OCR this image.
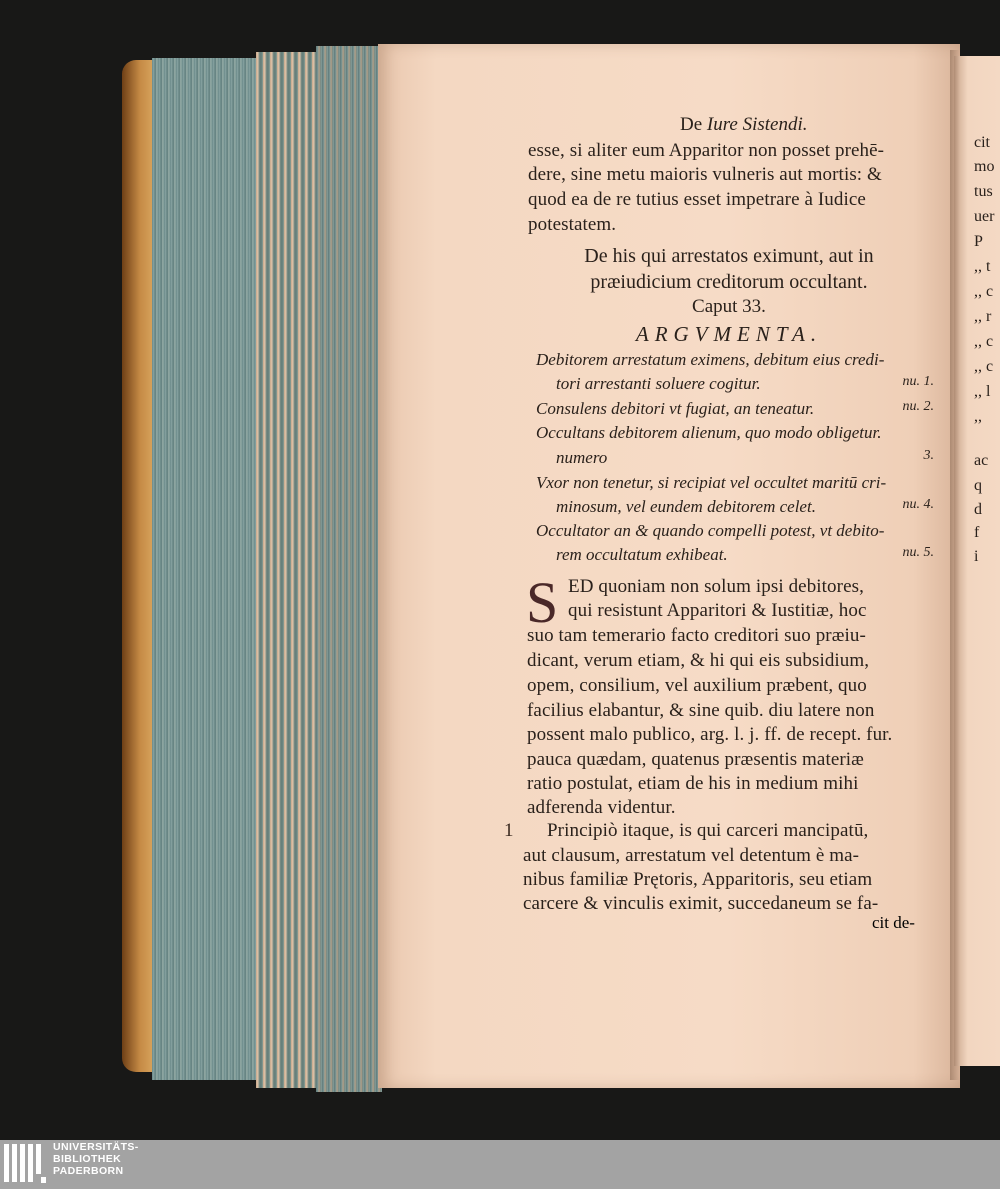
De Iure Sistendi.
esse, si aliter eum Apparitor non posset prehē-
dere, sine metu maioris vulneris aut mortis: &
quod ea de re tutius esset impetrare à Iudice
potestatem.
De his qui arrestatos eximunt, aut in
præiudicium creditorum occultant.
Caput 33.
ARGVMENTA.
Debitorem arrestatum eximens, debitum eius credi-
tori arrestanti soluere cogitur.	nu. 1.
Consulens debitori vt fugiat, an teneatur.	nu. 2.
Occultans debitorem alienum, quo modo obligetur.
numero	3.
Vxor non tenetur, si recipiat vel occultet maritū cri-
minosum, vel eundem debitorem celet.	nu. 4.
Occultator an & quando compelli potest, vt debito-
rem occultatum exhibeat.	nu. 5.
S ED quoniam non solum ipsi debitores,
qui resistunt Apparitori & Iustitiæ, hoc
suo tam temerario facto creditori suo præiu-
dicant, verum etiam, & hi qui eis subsidium,
opem, consilium, vel auxilium præbent, quo
facilius elabantur, & sine quib. diu latere non
possent malo publico, arg. l. j. ff. de recept. fur.
pauca quædam, quatenus præsentis materiæ
ratio postulat, etiam de his in medium mihi
adferenda videntur.
1 Principiò itaque, is qui carceri mancipatū,
aut clausum, arrestatum vel detentum è ma-
nibus familiæ Prętoris, Apparitoris, seu etiam
carcere & vinculis eximit, succedaneum se fa-
cit de-
cit
mo
tus
uer
P
,, t
,, c
,, r
,, c
,, c
,, l
,,
ac
q
d
f
i
UNIVERSITÄTS-
BIBLIOTHEK
PADERBORN
